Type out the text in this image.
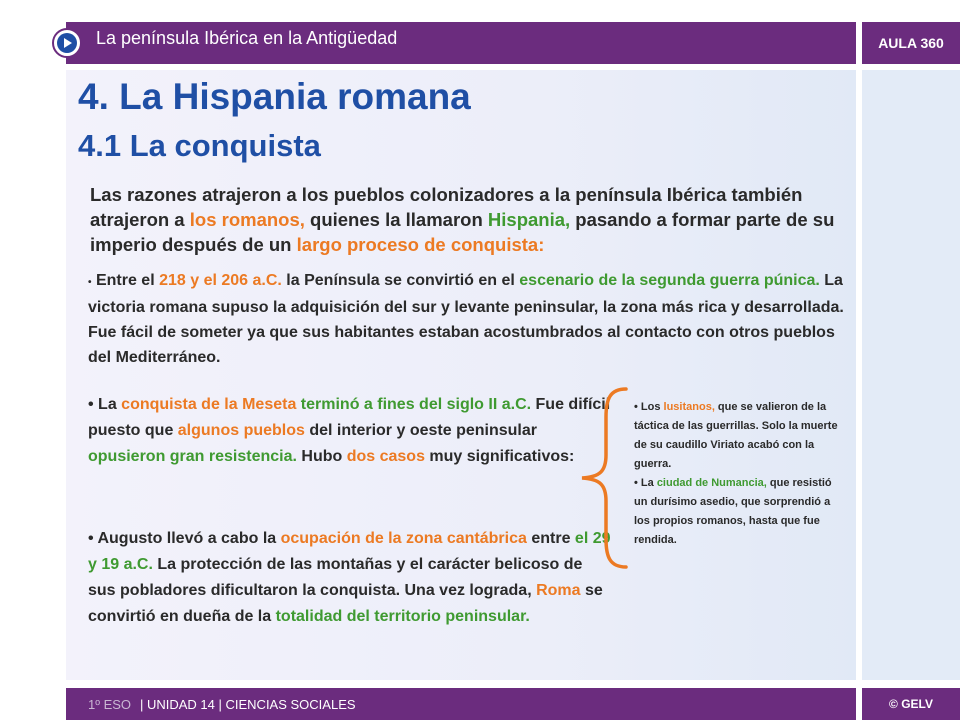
La península Ibérica en la Antigüedad	AULA 360
4. La Hispania romana
4.1 La conquista

Las razones atrajeron a los pueblos colonizadores a la península Ibérica también atrajeron a los romanos, quienes la llamaron Hispania, pasando a formar parte de su imperio después de un largo proceso de conquista:

• Entre el 218 y el 206 a.C. la Península se convirtió en el escenario de la segunda guerra púnica. La victoria romana supuso la adquisición del sur y levante peninsular, la zona más rica y desarrollada. Fue fácil de someter ya que sus habitantes estaban acostumbrados al contacto con otros pueblos del Mediterráneo.

• La conquista de la Meseta terminó a fines del siglo II a.C. Fue difícil puesto que algunos pueblos del interior y oeste peninsular opusieron gran resistencia. Hubo dos casos muy significativos:

• Augusto llevó a cabo la ocupación de la zona cantábrica entre el 29 y 19 a.C. La protección de las montañas y el carácter belicoso de sus pobladores dificultaron la conquista. Una vez lograda, Roma se convirtió en dueña de la totalidad del territorio peninsular.

• Los lusitanos, que se valieron de la táctica de las guerrillas. Solo la muerte de su caudillo Viriato acabó con la guerra.

• La ciudad de Numancia, que resistió un durísimo asedio, que sorprendió a los propios romanos, hasta que fue rendida.

1º ESO | UNIDAD 14 | CIENCIAS SOCIALES	© GELV
